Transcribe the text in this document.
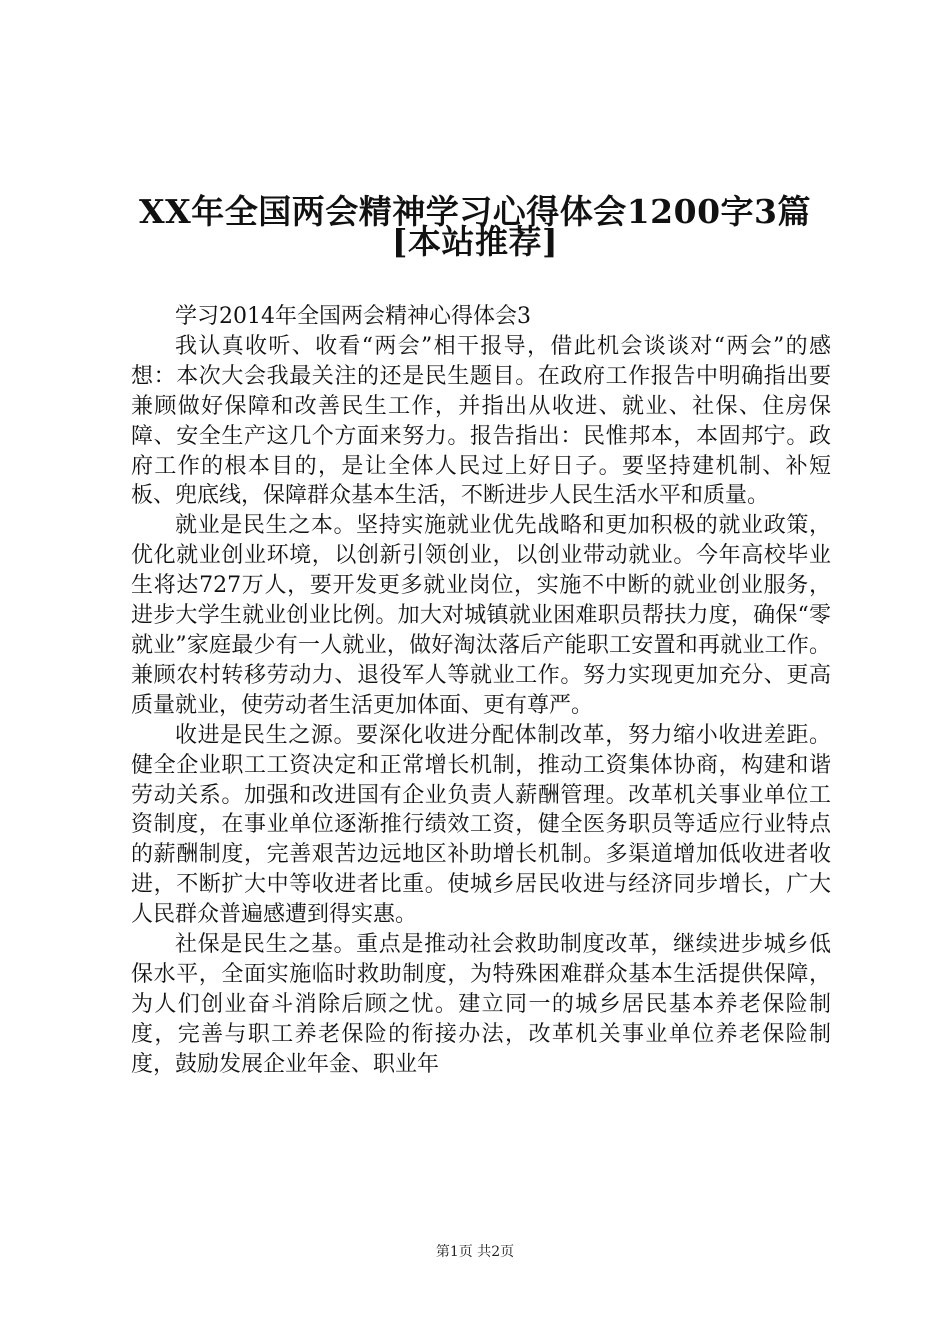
XX年全国两会精神学习心得体会1200字3篇
[本站推荐]

学习2014年全国两会精神心得体会3

我认真收听、收看“两会”相干报导，借此机会谈谈对“两会”的感想：本次大会我最关注的还是民生题目。在政府工作报告中明确指出要兼顾做好保障和改善民生工作，并指出从收进、就业、社保、住房保障、安全生产这几个方面来努力。报告指出：民惟邦本，本固邦宁。政府工作的根本目的，是让全体人民过上好日子。要坚持建机制、补短板、兜底线，保障群众基本生活，不断进步人民生活水平和质量。

就业是民生之本。坚持实施就业优先战略和更加积极的就业政策，优化就业创业环境，以创新引领创业，以创业带动就业。今年高校毕业生将达727万人，要开发更多就业岗位，实施不中断的就业创业服务，进步大学生就业创业比例。加大对城镇就业困难职员帮扶力度，确保“零就业”家庭最少有一人就业，做好淘汰落后产能职工安置和再就业工作。兼顾农村转移劳动力、退役军人等就业工作。努力实现更加充分、更高质量就业，使劳动者生活更加体面、更有尊严。

收进是民生之源。要深化收进分配体制改革，努力缩小收进差距。健全企业职工工资决定和正常增长机制，推动工资集体协商，构建和谐劳动关系。加强和改进国有企业负责人薪酬管理。改革机关事业单位工资制度，在事业单位逐渐推行绩效工资，健全医务职员等适应行业特点的薪酬制度，完善艰苦边远地区补助增长机制。多渠道增加低收进者收进，不断扩大中等收进者比重。使城乡居民收进与经济同步增长，广大人民群众普遍感遭到得实惠。

社保是民生之基。重点是推动社会救助制度改革，继续进步城乡低保水平，全面实施临时救助制度，为特殊困难群众基本生活提供保障，为人们创业奋斗消除后顾之忧。建立同一的城乡居民基本养老保险制度，完善与职工养老保险的衔接办法，改革机关事业单位养老保险制度，鼓励发展企业年金、职业年

第1页 共2页
